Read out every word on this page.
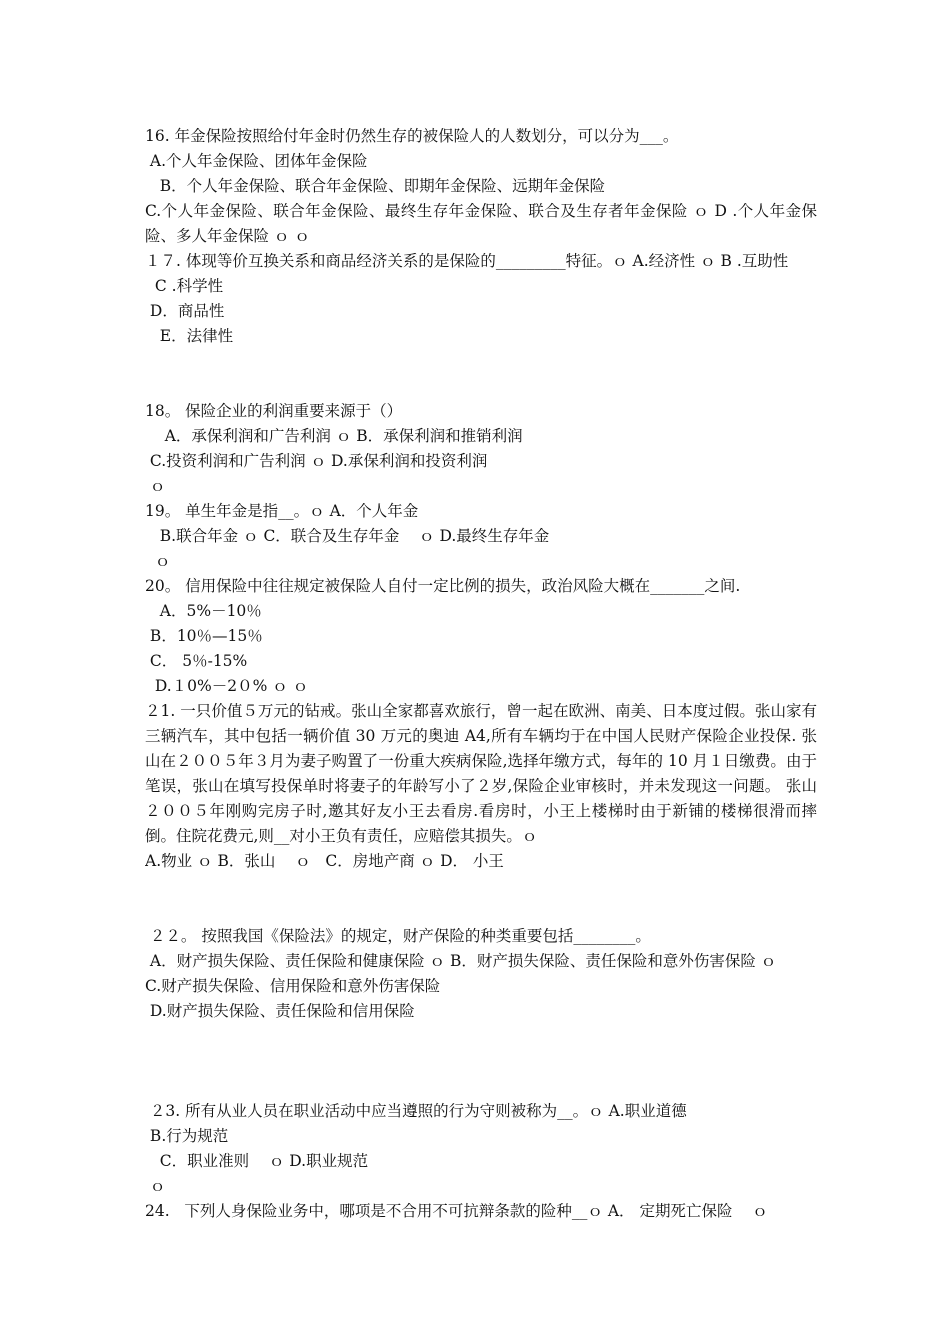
16. 年金保险按照给付年金时仍然生存的被保险人的人数划分，可以分为___。
A.个人年金保险、团体年金保险
B．个人年金保险、联合年金保险、即期年金保险、远期年金保险
C.个人年金保险、联合年金保险、最终生存年金保险、联合及生存者年金保险 ｏ D .个人年金保险、多人年金保险 ｏ ｏ
１７. 体现等价互换关系和商品经济关系的是保险的_________特征。ｏ A.经济性 ｏ B .互助性
C .科学性
D．商品性
E．法律性
18。 保险企业的利润重要来源于（）
A．承保利润和广告利润 ｏ B．承保利润和推销利润
C.投资利润和广告利润 ｏ D.承保利润和投资利润
ｏ
19。 单生年金是指__。ｏ A．个人年金
B.联合年金 ｏ C．联合及生存年金    ｏ D.最终生存年金
ｏ
20。 信用保险中往往规定被保险人自付一定比例的损失，政治风险大概在_______之间.
A．5%－10％
B．10％—15％
C． 5％-15%
D.１0%－2０% ｏ ｏ
２1. 一只价值５万元的钻戒。张山全家都喜欢旅行，曾一起在欧洲、南美、日本度过假。张山家有三辆汽车，其中包括一辆价值 30 万元的奥迪 A4,所有车辆均于在中国人民财产保险企业投保. 张山在２００５年３月为妻子购置了一份重大疾病保险,选择年缴方式，每年的 10 月１日缴费。由于笔误，张山在填写投保单时将妻子的年龄写小了２岁,保险企业审核时，并未发现这一问题。 张山２００５年刚购完房子时,邀其好友小王去看房.看房时，小王上楼梯时由于新铺的楼梯很滑而摔倒。住院花费元,则__对小王负有责任，应赔偿其损失。ｏ
A.物业 ｏ B．张山    ｏ   C．房地产商 ｏ D． 小王
２２。 按照我国《保险法》的规定，财产保险的种类重要包括________。
A．财产损失保险、责任保险和健康保险 ｏ B．财产损失保险、责任保险和意外伤害保险 ｏ
C.财产损失保险、信用保险和意外伤害保险
D.财产损失保险、责任保险和信用保险
２3. 所有从业人员在职业活动中应当遵照的行为守则被称为__。ｏ A.职业道德
B.行为规范
C．职业准则    ｏ D.职业规范
ｏ
24.   下列人身保险业务中，哪项是不合用不可抗辩条款的险种__ｏ A． 定期死亡保险    ｏ
